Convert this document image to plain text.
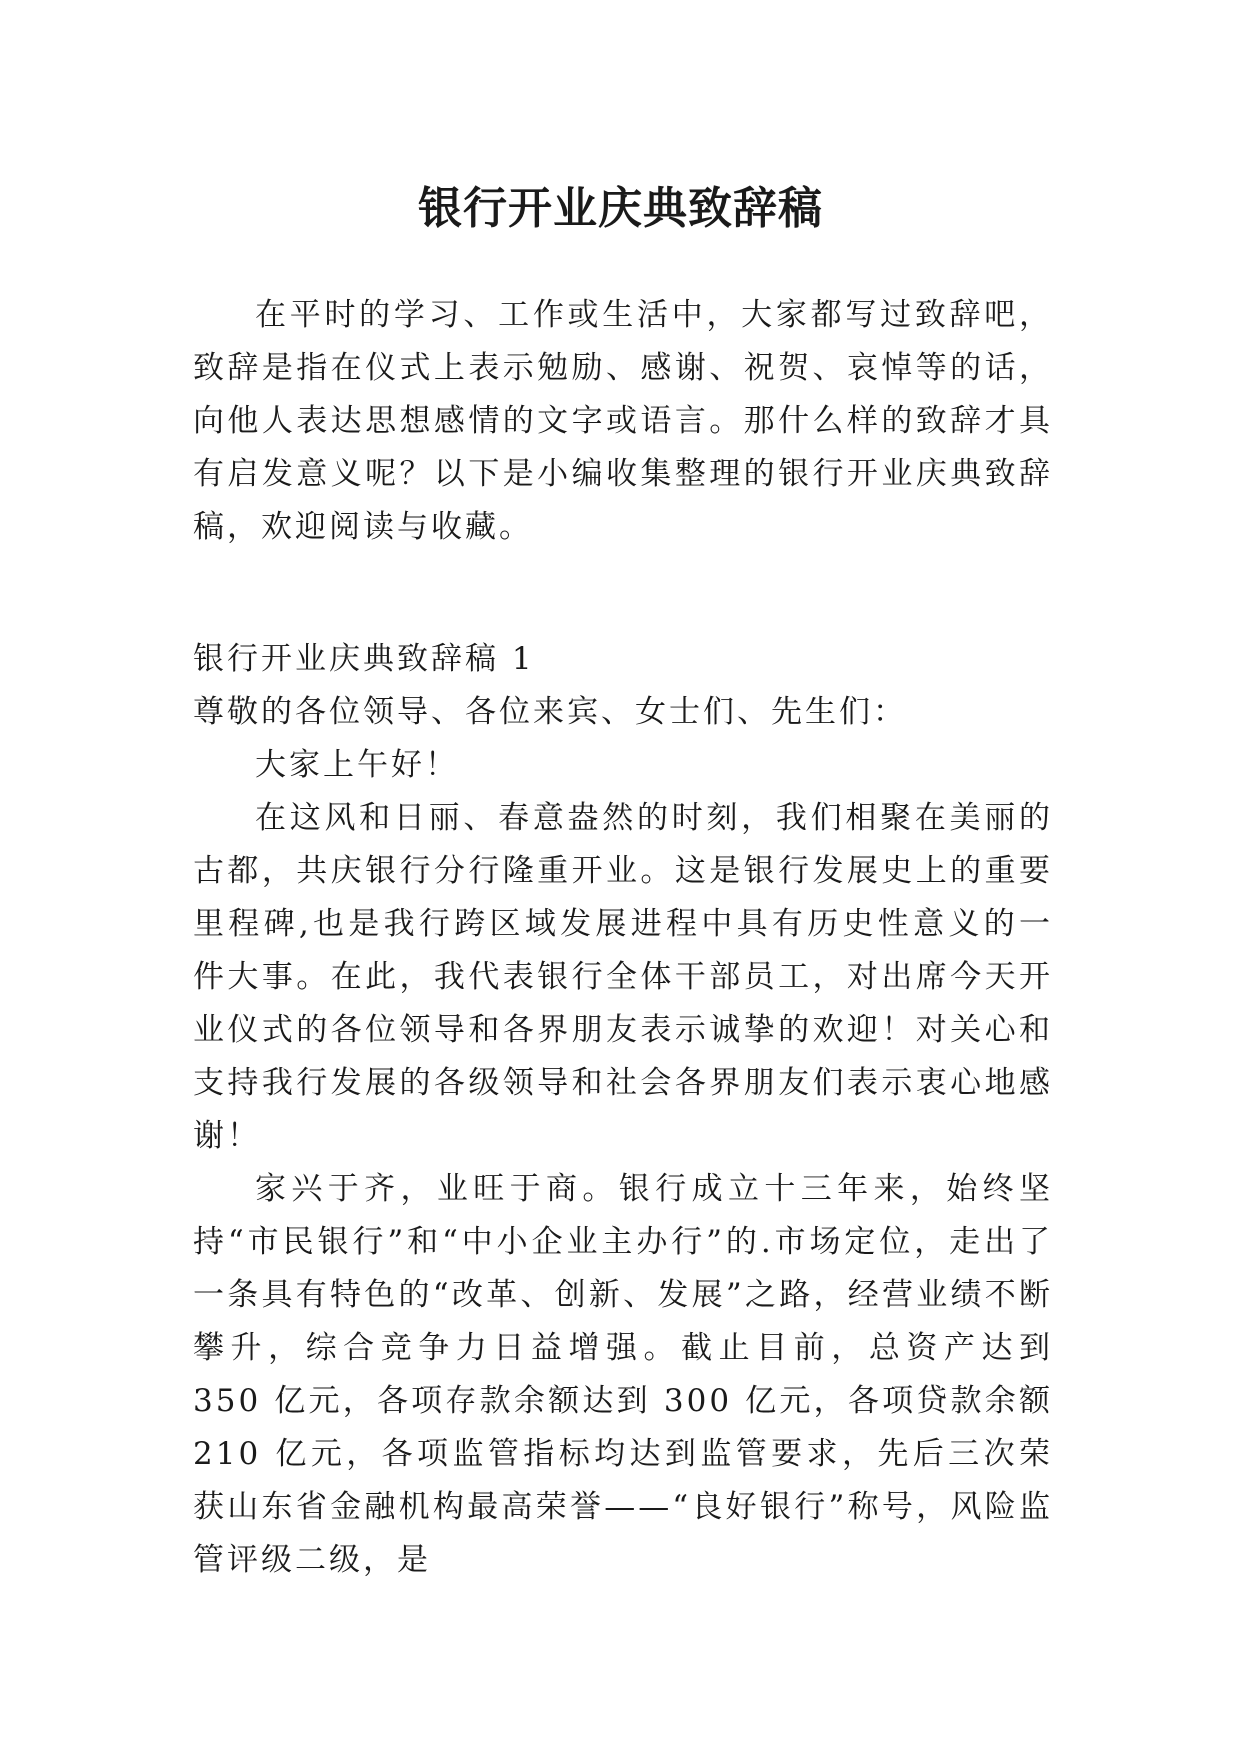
银行开业庆典致辞稿

在平时的学习、工作或生活中，大家都写过致辞吧，致辞是指在仪式上表示勉励、感谢、祝贺、哀悼等的话，向他人表达思想感情的文字或语言。那什么样的致辞才具有启发意义呢？以下是小编收集整理的银行开业庆典致辞稿，欢迎阅读与收藏。

银行开业庆典致辞稿 1

尊敬的各位领导、各位来宾、女士们、先生们：

大家上午好！

在这风和日丽、春意盎然的时刻，我们相聚在美丽的古都，共庆银行分行隆重开业。这是银行发展史上的重要里程碑,也是我行跨区域发展进程中具有历史性意义的一件大事。在此，我代表银行全体干部员工，对出席今天开业仪式的各位领导和各界朋友表示诚挚的欢迎！对关心和支持我行发展的各级领导和社会各界朋友们表示衷心地感谢！

家兴于齐，业旺于商。银行成立十三年来，始终坚持“市民银行”和“中小企业主办行”的.市场定位，走出了一条具有特色的“改革、创新、发展”之路，经营业绩不断攀升，综合竞争力日益增强。截止目前，总资产达到 350 亿元，各项存款余额达到 300 亿元，各项贷款余额 210 亿元，各项监管指标均达到监管要求，先后三次荣获山东省金融机构最高荣誉——“良好银行”称号，风险监管评级二级，是
